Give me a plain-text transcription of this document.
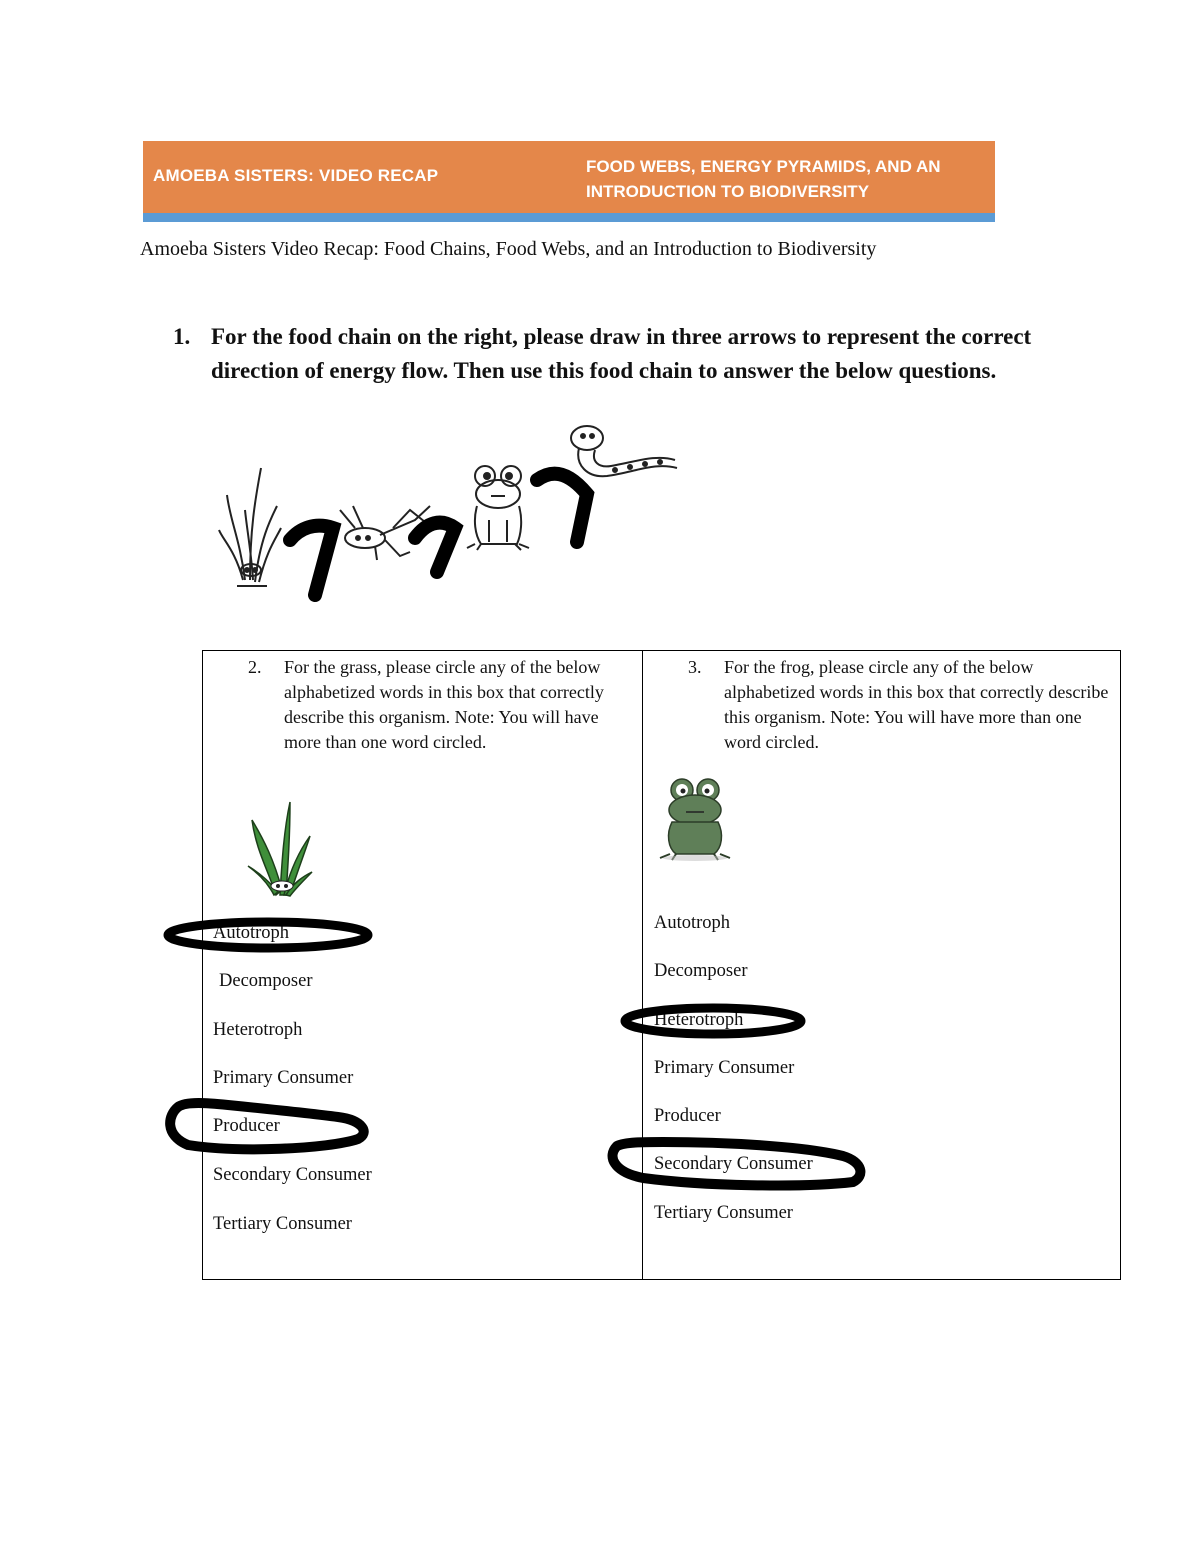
AMOEBA SISTERS: VIDEO RECAP	FOOD WEBS, ENERGY PYRAMIDS, AND AN INTRODUCTION TO BIODIVERSITY
Amoeba Sisters Video Recap: Food Chains, Food Webs, and an Introduction to Biodiversity
1. For the food chain on the right, please draw in three arrows to represent the correct direction of energy flow. Then use this food chain to answer the below questions.
2. For the grass, please circle any of the below alphabetized words in this box that correctly describe this organism. Note: You will have more than one word circled.
Autotroph
Decomposer
Heterotroph
Primary Consumer
Producer
Secondary Consumer
Tertiary Consumer
3. For the frog, please circle any of the below alphabetized words in this box that correctly describe this organism. Note: You will have more than one word circled.
Autotroph
Decomposer
Heterotroph
Primary Consumer
Producer
Secondary Consumer
Tertiary Consumer
